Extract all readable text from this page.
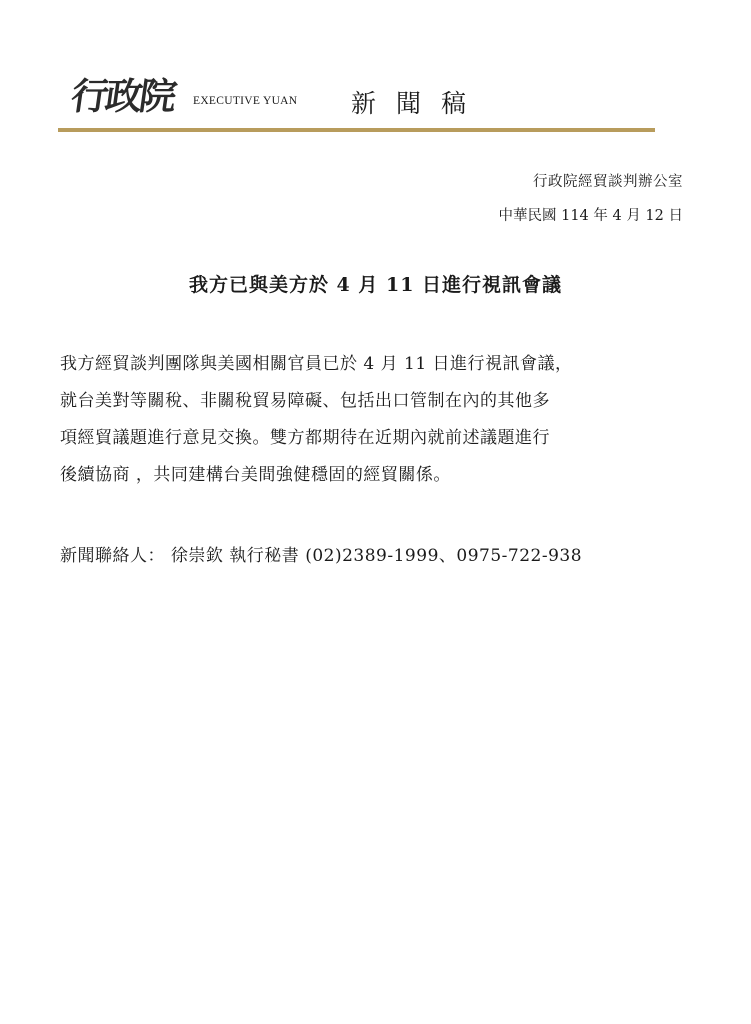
行政院 EXECUTIVE YUAN 新聞稿
行政院經貿談判辦公室
中華民國 114 年 4 月 12 日
我方已與美方於 4 月 11 日進行視訊會議
我方經貿談判團隊與美國相關官員已於 4 月 11 日進行視訊會議，
就台美對等關稅、非關稅貿易障礙、包括出口管制在內的其他多
項經貿議題進行意見交換。雙方都期待在近期內就前述議題進行
後續協商 ，共同建構台美間強健穩固的經貿關係。
新聞聯絡人： 徐崇欽 執行秘書 (02)2389-1999、0975-722-938
